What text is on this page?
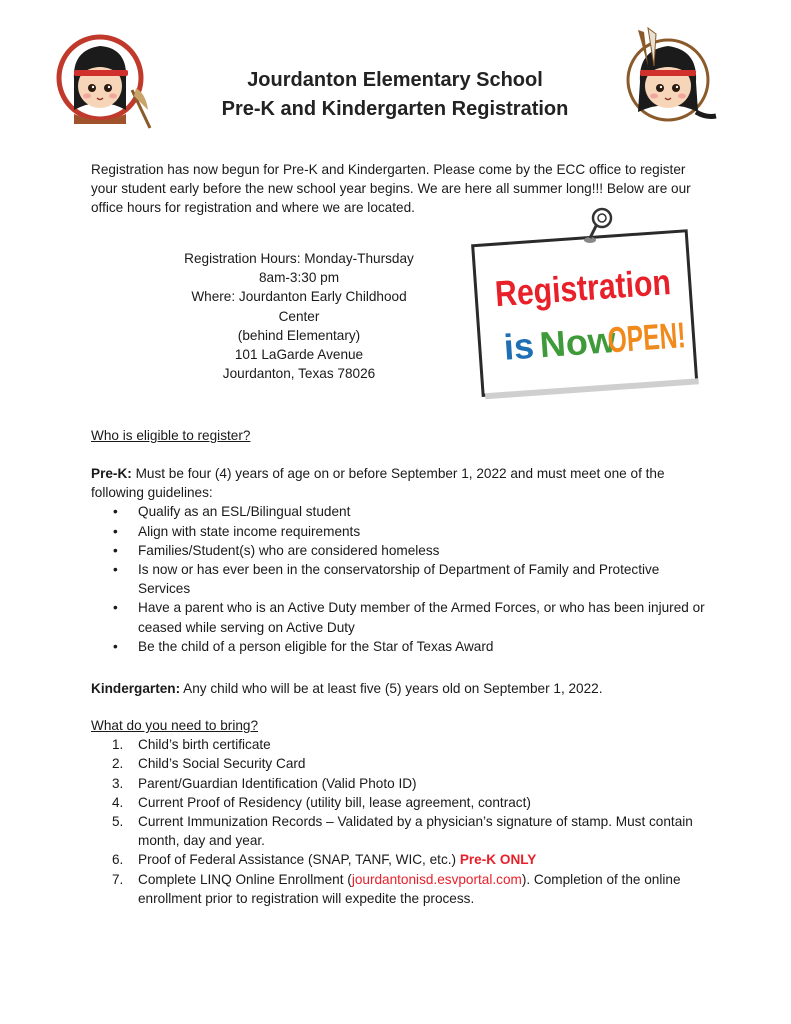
Jourdanton Elementary School
Pre-K and Kindergarten Registration
Registration has now begun for Pre-K and Kindergarten. Please come by the ECC office to register your student early before the new school year begins. We are here all summer long!!! Below are our office hours for registration and where we are located.
Registration Hours: Monday-Thursday
8am-3:30 pm
Where: Jourdanton Early Childhood
Center
(behind Elementary)
101 LaGarde Avenue
Jourdanton, Texas 78026
Registration
is Now
OPEN!
Who is eligible to register?
Pre-K: Must be four (4) years of age on or before September 1, 2022 and must meet one of the following guidelines:
• Qualify as an ESL/Bilingual student
• Align with state income requirements
• Families/Student(s) who are considered homeless
• Is now or has ever been in the conservatorship of Department of Family and Protective Services
• Have a parent who is an Active Duty member of the Armed Forces, or who has been injured or ceased while serving on Active Duty
• Be the child of a person eligible for the Star of Texas Award
Kindergarten: Any child who will be at least five (5) years old on September 1, 2022.
What do you need to bring?
1. Child’s birth certificate
2. Child’s Social Security Card
3. Parent/Guardian Identification (Valid Photo ID)
4. Current Proof of Residency (utility bill, lease agreement, contract)
5. Current Immunization Records – Validated by a physician’s signature of stamp. Must contain month, day and year.
6. Proof of Federal Assistance (SNAP, TANF, WIC, etc.) Pre-K ONLY
7. Complete LINQ Online Enrollment (jourdantonisd.esvportal.com). Completion of the online enrollment prior to registration will expedite the process.
